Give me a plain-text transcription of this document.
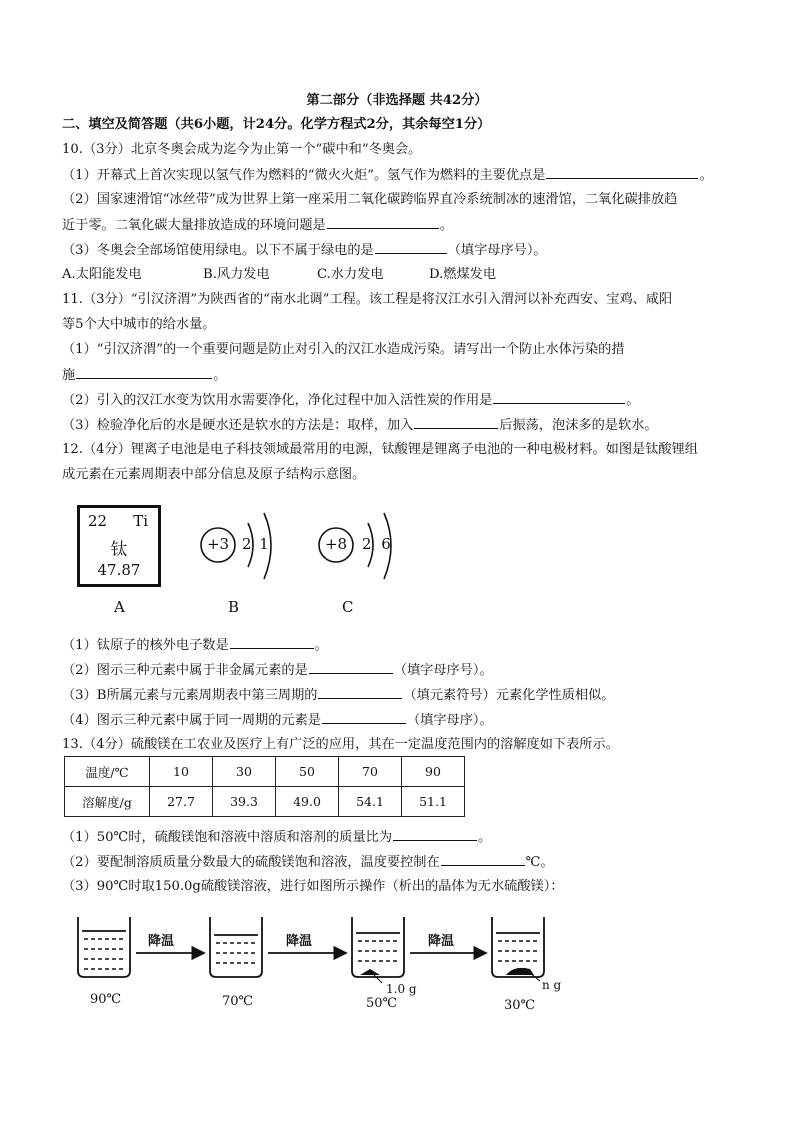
第二部分（非选择题 共42分）
二、填空及简答题（共6小题，计24分。化学方程式2分，其余每空1分）
10.（3分）北京冬奥会成为迄今为止第一个“碳中和“冬奥会。
（1）开幕式上首次实现以氢气作为燃料的“微火火炬”。氢气作为燃料的主要优点是	。
（2）国家速滑馆“冰丝带”成为世界上第一座采用二氧化碳跨临界直冷系统制冰的速滑馆，二氧化碳排放趋
近于零。二氧化碳大量排放造成的环境问题是	。
（3）冬奥会全部场馆使用绿电。以下不属于绿电的是	（填字母序号）。
A.太阳能发电	B.风力发电	C.水力发电	D.燃煤发电
11.（3分）“引汉济渭”为陕西省的“南水北调”工程。该工程是将汉江水引入渭河以补充西安、宝鸡、咸阳
等5个大中城市的给水量。
（1）“引汉济渭”的一个重要问题是防止对引入的汉江水造成污染。请写出一个防止水体污染的措
施	。
（2）引入的汉江水变为饮用水需要净化，净化过程中加入活性炭的作用是	。
（3）检验净化后的水是硬水还是软水的方法是：取样，加入	后振荡，泡沫多的是软水。
12.（4分）锂离子电池是电子科技领域最常用的电源，钛酸锂是锂离子电池的一种电极材料。如图是钛酸锂组
成元素在元素周期表中部分信息及原子结构示意图。
22 Ti
钛
47.87
+3 2 1	+8 2 6
A	B	C
（1）钛原子的核外电子数是	。
（2）图示三种元素中属于非金属元素的是	（填字母序号）。
（3）B所属元素与元素周期表中第三周期的	（填元素符号）元素化学性质相似。
（4）图示三种元素中属于同一周期的元素是	（填字母序）。
13.（4分）硫酸镁在工农业及医疗上有广泛的应用，其在一定温度范围内的溶解度如下表所示。
温度/℃	10	30	50	70	90
溶解度/g	27.7	39.3	49.0	54.1	51.1
（1）50℃时，硫酸镁饱和溶液中溶质和溶剂的质量比为	。
（2）要配制溶质质量分数最大的硫酸镁饱和溶液，温度要控制在	℃。
（3）90℃时取150.0g硫酸镁溶液，进行如图所示操作（析出的晶体为无水硫酸镁）：
降温	降温	降温
1.0 g	n g
90℃	70℃	50℃	30℃
